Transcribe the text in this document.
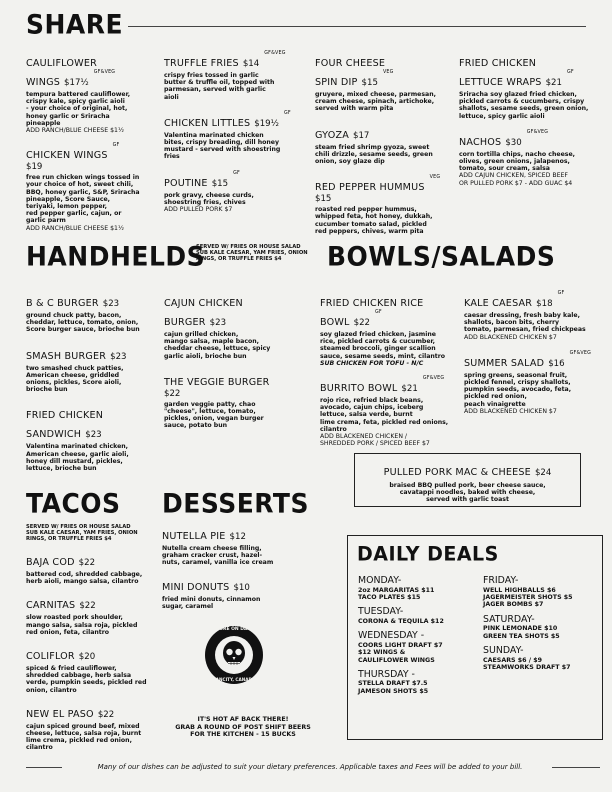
SHARE
CAULIFLOWER
WINGS $17½$^{GF\&VEG}$
tempura battered cauliflower,
crispy kale, spicy garlic aioli
- your choice of original, hot,
honey garlic or Sriracha
pineapple
ADD RANCH/BLUE CHEESE $1½
CHICKEN $WINGS^{GF}$
$19
free run chicken wings tossed in
your choice of hot, sweet chili,
BBQ, honey garlic, S&P, Sriracha
pineapple, Score Sauce,
teriyaki, lemon pepper,
red pepper garlic, cajun, or
garlic parm
ADD RANCH/BLUE CHEESE $1½
TRUFFLE FRIES $\$14^{GF\&VEG}$
crispy fries tossed in garlic
butter & truffle oil, topped with
parmesan, served with garlic
aioli
CHICKEN LITTLES $19½$^{GF}$
Valentina marinated chicken
bites, crispy breading, dill honey
mustard - served with shoestring
fries
POUTINE $\$15^{GF}$
pork gravy, cheese curds,
shoestring fries, chives
ADD PULLED PORK $7
FOUR CHEESE
SPIN DIP $\$15^{VEG}$
gruyere, mixed cheese, parmesan,
cream cheese, spinach, artichoke,
served with warm pita
GYOZA $17
steam fried shrimp gyoza, sweet
chili drizzle, sesame seeds, green
onion, soy glaze dip
RED PEPPER $HUMMUS^{VEG}$
$15
roasted red pepper hummus,
whipped feta, hot honey, dukkah,
cucumber tomato salad, pickled
red peppers, chives, warm pita
FRIED CHICKEN
LETTUCE WRAPS $\$21^{GF}$
Sriracha soy glazed fried chicken,
pickled carrots & cucumbers, crispy
shallots, sesame seeds, green onion,
lettuce, spicy garlic aioli
NACHOS $\$30^{GF\&VEG}$
corn tortilla chips, nacho cheese,
olives, green onions, jalapenos,
tomato, sour cream, salsa
ADD CAJUN CHICKEN, SPICED BEEF
OR PULLED PORK $7 - ADD GUAC $4
HANDHELDS
SERVED W/ FRIES OR HOUSE SALAD
SUB KALE CAESAR, YAM FRIES, ONION
RINGS, OR TRUFFLE FRIES $4	BOWLS/SALADS
B & C BURGER $23
ground chuck patty, bacon,
cheddar, lettuce, tomato, onion,
Score burger sauce, brioche bun
SMASH BURGER $23
two smashed chuck patties,
American cheese, griddled
onions, pickles, Score aioli,
brioche bun
FRIED CHICKEN
SANDWICH $23
Valentina marinated chicken,
American cheese, garlic aioli,
honey dill mustard, pickles,
lettuce, brioche bun
CAJUN CHICKEN
BURGER $23
cajun grilled chicken,
mango salsa, maple bacon,
cheddar cheese, lettuce, spicy
garlic aioli, brioche bun
THE VEGGIE BURGER
$22
garden veggie patty, chao
"cheese", lettuce, tomato,
pickles, onion, vegan burger
sauce, potato bun
FRIED CHICKEN RICE
BOWL $\$22^{GF}$
soy glazed fried chicken, jasmine
rice, pickled carrots & cucumber,
steamed broccoli, ginger scallion
sauce, sesame seeds, mint, cilantro
SUB CHICKEN FOR TOFU - N/C
BURRITO BOWL $\$21^{GF\&VEG}$
rojo rice, refried black beans,
avocado, cajun chips, iceberg
lettuce, salsa verde, burnt
lime crema, feta, pickled red onions,
cilantro
ADD BLACKENED CHICKEN /
SHREDDED PORK / SPICED BEEF $7
KALE CAESAR $\$18^{GF}$
caesar dressing, fresh baby kale,
shallots, bacon bits, cherry
tomato, parmesan, fried chickpeas
ADD BLACKENED CHICKEN $7
SUMMER SALAD $\$16^{GF\&VEG}$
spring greens, seasonal fruit,
pickled fennel, crispy shallots,
pumpkin seeds, avocado, feta,
pickled red onion,
peach vinaigrette
ADD BLACKENED CHICKEN $7
PULLED PORK MAC & CHEESE $24
braised BBQ pulled pork, beer cheese sauce,
cavatappi noodles, baked with cheese,
served with garlic toast
TACOS
SERVED W/ FRIES OR HOUSE SALAD
SUB KALE CAESAR, YAM FRIES, ONION
RINGS, OR TRUFFLE FRIES $4
BAJA COD $22
battered cod, shredded cabbage,
herb aioli, mango salsa, cilantro
CARNITAS $22
slow roasted pork shoulder,
mango salsa, salsa roja, pickled
red onion, feta, cilantro
COLIFLOR $20
spiced & fried cauliflower,
shredded cabbage, herb salsa
verde, pumpkin seeds, pickled red
onion, cilantro
NEW EL PASO $22
cajun spiced ground beef, mixed
cheese, lettuce, salsa roja, burnt
lime crema, pickled red onion,
cilantro
DESSERTS
NUTELLA PIE $12
Nutella cream cheese filling,
graham cracker crust, hazel-
nuts, caramel, vanilla ice cream
MINI DONUTS $10
fried mini donuts, cinnamon
sugar, caramel
SCORE ON DAVIE
VANCITY, CANADA
IT'S HOT AF BACK THERE!
GRAB A ROUND OF POST SHIFT BEERS
FOR THE KITCHEN - 15 BUCKS
DAILY DEALS
MONDAY-
2oz MARGARITAS $11
TACO PLATES $15
TUESDAY-
CORONA & TEQUILA $12
WEDNESDAY -
COORS LIGHT DRAFT $7
$12 WINGS &
CAULIFLOWER WINGS
THURSDAY -
STELLA DRAFT $7.5
JAMESON SHOTS $5
FRIDAY-
WELL HIGHBALLS $6
JAGERMEISTER SHOTS $5
JAGER BOMBS $7
SATURDAY-
PINK LEMONADE $10
GREEN TEA SHOTS $5
SUNDAY-
CAESARS $6 / $9
STEAMWORKS DRAFT $7
Many of our dishes can be adjusted to suit your dietary preferences. Applicable taxes and Fees will be added to your bill.
